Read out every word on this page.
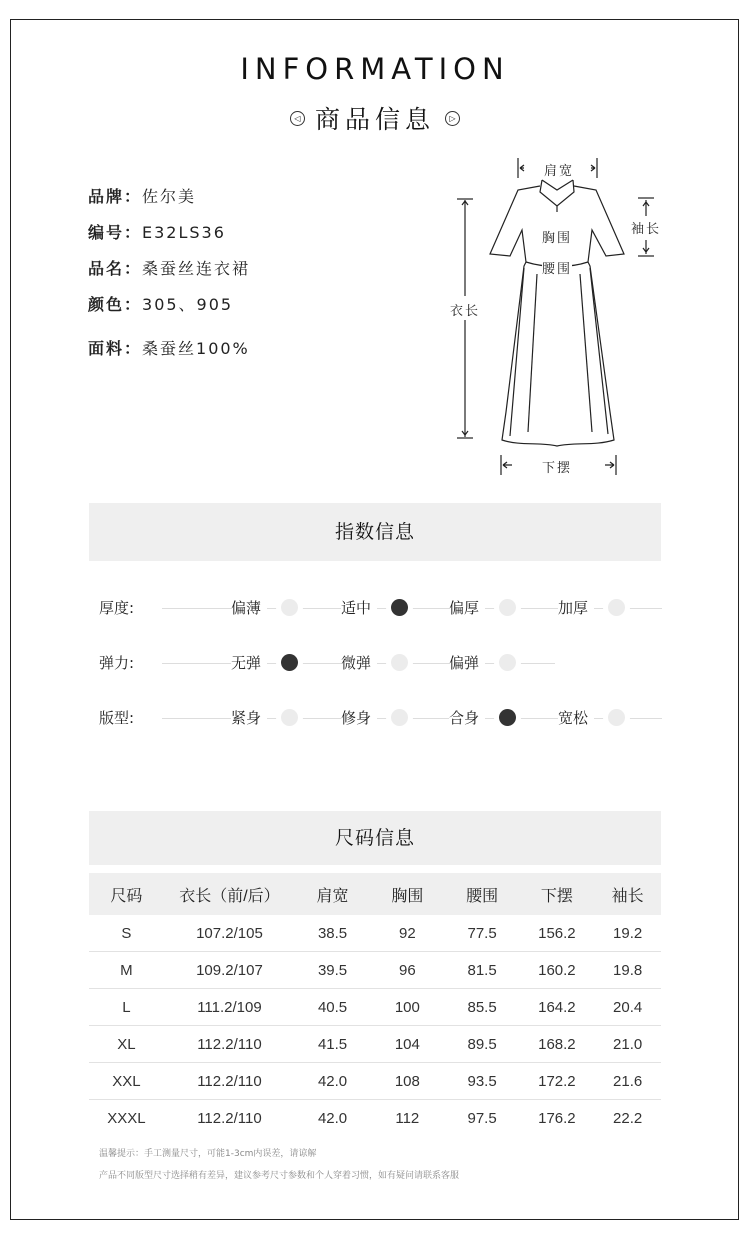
INFORMATION
◁ 商品信息 ▷
品牌：佐尔美
编号：E32LS36
品名：桑蚕丝连衣裙
颜色：305、905
面料：桑蚕丝100%
肩宽
袖长
胸围
腰围
衣长
下摆
指数信息
厚度:	偏薄	适中	偏厚	加厚
弹力:	无弹	微弹	偏弹
版型:	紧身	修身	合身	宽松
尺码信息
尺码	衣长（前/后）	肩宽	胸围	腰围	下摆	袖长
S	107.2/105	38.5	92	77.5	156.2	19.2
M	109.2/107	39.5	96	81.5	160.2	19.8
L	111.2/109	40.5	100	85.5	164.2	20.4
XL	112.2/110	41.5	104	89.5	168.2	21.0
XXL	112.2/110	42.0	108	93.5	172.2	21.6
XXXL	112.2/110	42.0	112	97.5	176.2	22.2
温馨提示：手工测量尺寸，可能1-3cm内误差，请谅解
产品不同版型尺寸选择稍有差异，建议参考尺寸参数和个人穿着习惯，如有疑问请联系客服
